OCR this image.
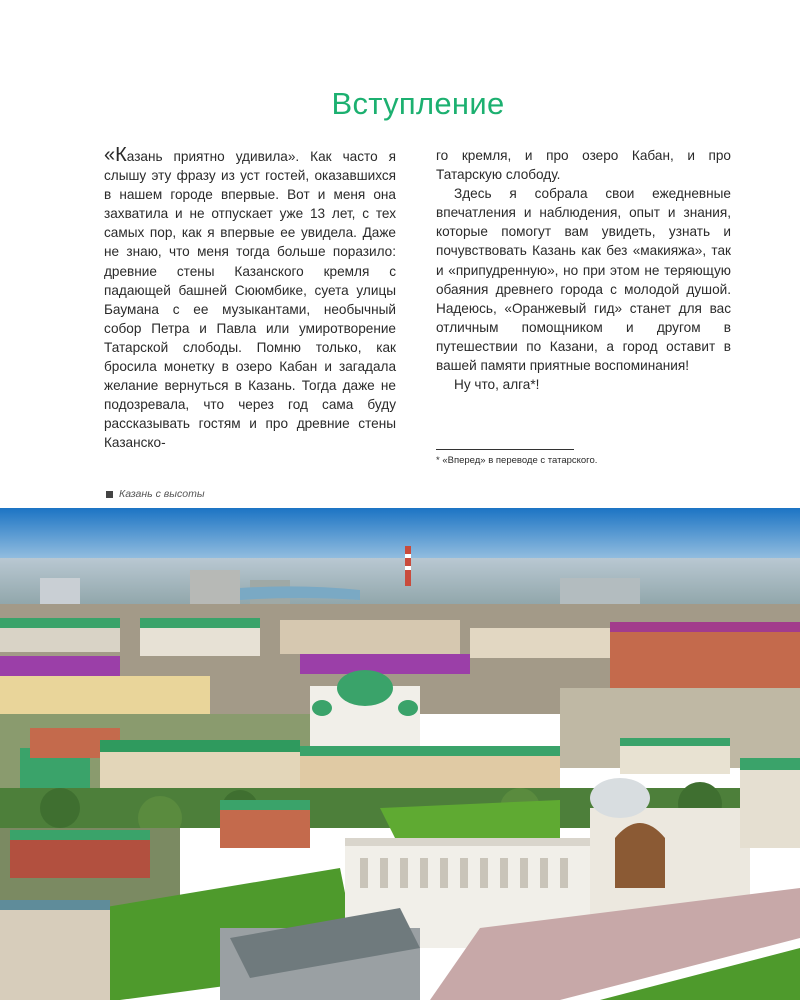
Вступление

«Казань приятно удивила». Как часто я слышу эту фразу из уст гостей, оказавшихся в нашем городе впервые. Вот и меня она захватила и не отпускает уже 13 лет, с тех самых пор, как я впервые ее увидела. Даже не знаю, что меня тогда больше поразило: древние стены Казанского кремля с падающей башней Сююмбике, суета улицы Баумана с ее музыкантами, необычный собор Петра и Павла или умиротворение Татарской слободы. Помню только, как бросила монетку в озеро Кабан и загадала желание вернуться в Казань. Тогда даже не подозревала, что через год сама буду рассказывать гостям и про древние стены Казанско-

го кремля, и про озеро Кабан, и про Татарскую слободу.

Здесь я собрала свои ежедневные впечатления и наблюдения, опыт и знания, которые помогут вам увидеть, узнать и почувствовать Казань как без «макияжа», так и «припудренную», но при этом не теряющую обаяния древнего города с молодой душой. Надеюсь, «Оранжевый гид» станет для вас отличным помощником и другом в путешествии по Казани, а город оставит в вашей памяти приятные воспоминания!

Ну что, алга*!

* «Вперед» в переводе с татарского.
Казань с высоты
